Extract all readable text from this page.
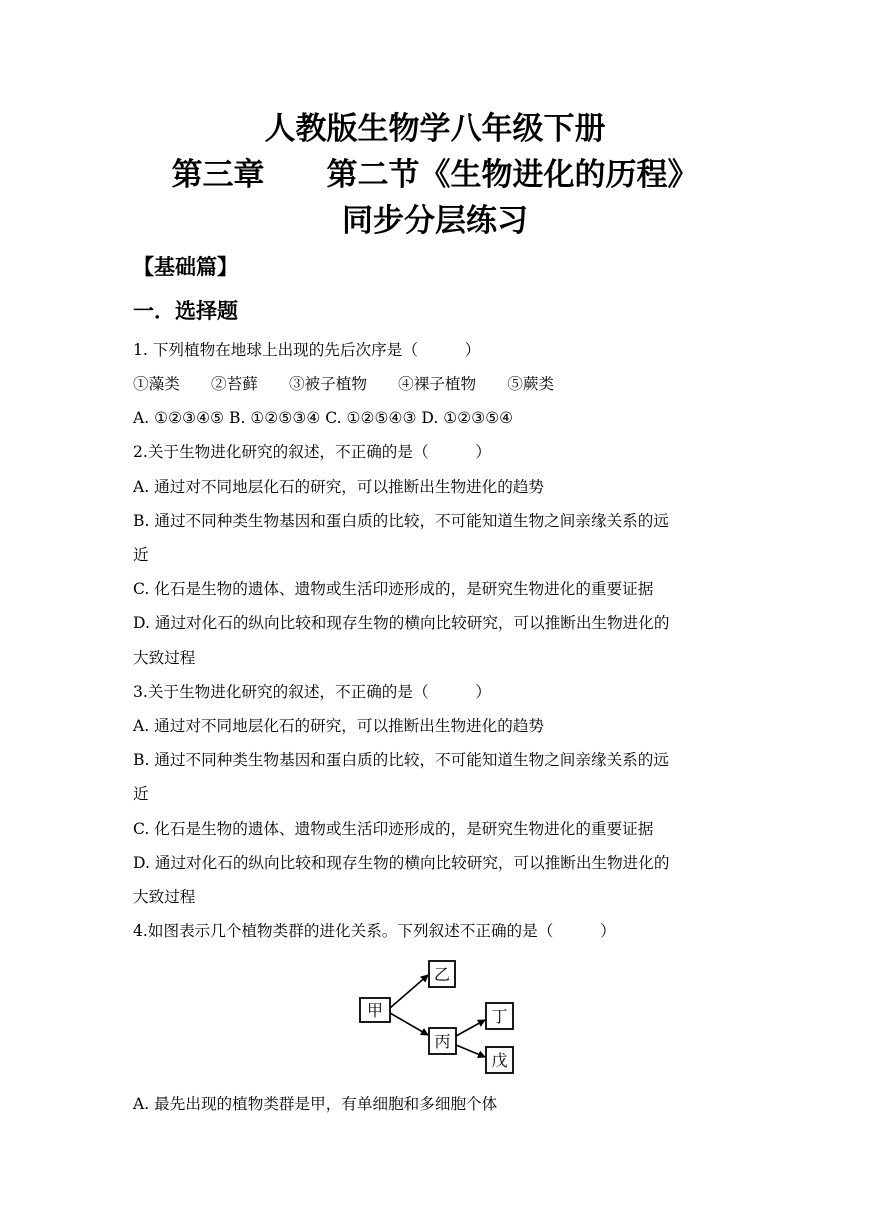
人教版生物学八年级下册
第三章　　第二节《生物进化的历程》
同步分层练习
【基础篇】
一．选择题
1. 下列植物在地球上出现的先后次序是（　　　）
①藻类　　②苔藓　　③被子植物　　④裸子植物　　⑤蕨类
A. ①②③④⑤ B. ①②⑤③④ C. ①②⑤④③ D. ①②③⑤④
2.关于生物进化研究的叙述，不正确的是（　　　）
A. 通过对不同地层化石的研究，可以推断出生物进化的趋势
B. 通过不同种类生物基因和蛋白质的比较，不可能知道生物之间亲缘关系的远
近
C. 化石是生物的遗体、遗物或生活印迹形成的，是研究生物进化的重要证据
D. 通过对化石的纵向比较和现存生物的横向比较研究，可以推断出生物进化的
大致过程
3.关于生物进化研究的叙述，不正确的是（　　　）
A. 通过对不同地层化石的研究，可以推断出生物进化的趋势
B. 通过不同种类生物基因和蛋白质的比较，不可能知道生物之间亲缘关系的远
近
C. 化石是生物的遗体、遗物或生活印迹形成的，是研究生物进化的重要证据
D. 通过对化石的纵向比较和现存生物的横向比较研究，可以推断出生物进化的
大致过程
4.如图表示几个植物类群的进化关系。下列叙述不正确的是（　　　）
甲
乙
丙
丁
戊
A. 最先出现的植物类群是甲，有单细胞和多细胞个体
